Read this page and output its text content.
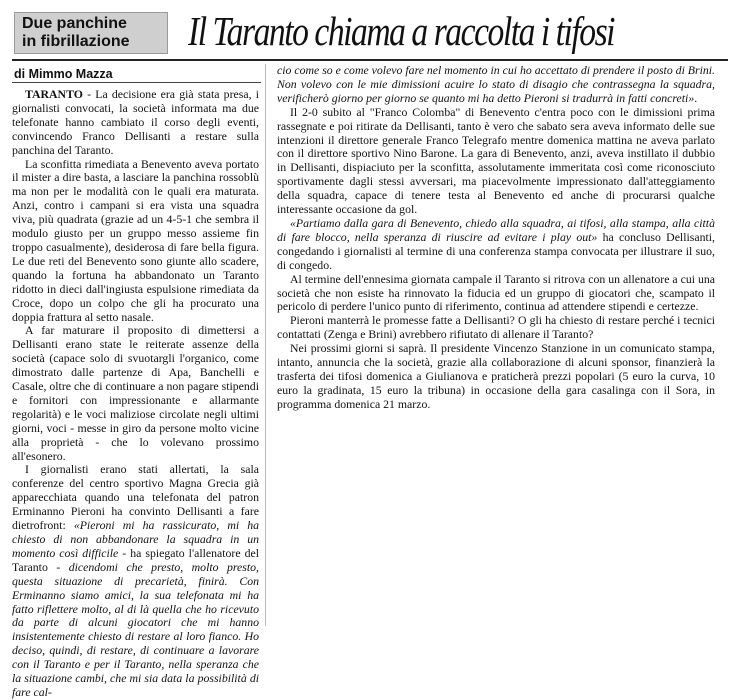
Due panchine
in fibrillazione	Il Taranto chiama a raccolta i tifosi
di Mimmo Mazza

TARANTO - La decisione era già stata presa, i giornalisti convocati, la società informata ma due telefonate hanno cambiato il corso degli eventi, convincendo Franco Dellisanti a restare sulla panchina del Taranto.

La sconfitta rimediata a Benevento aveva portato il mister a dire basta, a lasciare la panchina rossoblù ma non per le modalità con le quali era maturata. Anzi, contro i campani si era vista una squadra viva, più quadrata (grazie ad un 4-5-1 che sembra il modulo giusto per un gruppo messo assieme fin troppo casualmente), desiderosa di fare bella figura. Le due reti del Benevento sono giunte allo scadere, quando la fortuna ha abbandonato un Taranto ridotto in dieci dall'ingiusta espulsione rimediata da Croce, dopo un colpo che gli ha procurato una doppia frattura al setto nasale.

A far maturare il proposito di dimettersi a Dellisanti erano state le reiterate assenze della società (capace solo di svuotargli l'organico, come dimostrato dalle partenze di Apa, Banchelli e Casale, oltre che di continuare a non pagare stipendi e fornitori con impressionante e allarmante regolarità) e le voci maliziose circolate negli ultimi giorni, voci - messe in giro da persone molto vicine alla proprietà - che lo volevano prossimo all'esonero.

I giornalisti erano stati allertati, la sala conferenze del centro sportivo Magna Grecia già apparecchiata quando una telefonata del patron Erminanno Pieroni ha convinto Dellisanti a fare dietrofront: «Pieroni mi ha rassicurato, mi ha chiesto di non abbandonare la squadra in un momento così difficile - ha spiegato l'allenatore del Taranto - dicendomi che presto, molto presto, questa situazione di precarietà, finirà. Con Erminanno siamo amici, la sua telefonata mi ha fatto riflettere molto, al di là quella che ho ricevuto da parte di alcuni giocatori che mi hanno insistentemente chiesto di restare al loro fianco. Ho deciso, quindi, di restare, di continuare a lavorare con il Taranto e per il Taranto, nella speranza che la situazione cambi, che mi sia data la possibilità di fare cal-

cio come so e come volevo fare nel momento in cui ho accettato di prendere il posto di Brini. Non volevo con le mie dimissioni acuire lo stato di disagio che contrassegna la squadra, verificherò giorno per giorno se quanto mi ha detto Pieroni si tradurrà in fatti concreti».

Il 2-0 subito al "Franco Colomba" di Benevento c'entra poco con le dimissioni prima rassegnate e poi ritirate da Dellisanti, tanto è vero che sabato sera aveva informato delle sue intenzioni il direttore generale Franco Telegrafo mentre domenica mattina ne aveva parlato con il direttore sportivo Nino Barone. La gara di Benevento, anzi, aveva instillato il dubbio in Dellisanti, dispiaciuto per la sconfitta, assolutamente immeritata così come riconosciuto sportivamente dagli stessi avversari, ma piacevolmente impressionato dall'atteggiamento della squadra, capace di tenere testa al Benevento ed anche di procurarsi qualche interessante occasione da gol.

«Partiamo dalla gara di Benevento, chiedo alla squadra, ai tifosi, alla stampa, alla città di fare blocco, nella speranza di riuscire ad evitare i play out» ha concluso Dellisanti, congedando i giornalisti al termine di una conferenza stampa convocata per illustrare il suo, di congedo.

Al termine dell'ennesima giornata campale il Taranto si ritrova con un allenatore a cui una società che non esiste ha rinnovato la fiducia ed un gruppo di giocatori che, scampato il pericolo di perdere l'unico punto di riferimento, continua ad attendere stipendi e certezze.

Pieroni manterrà le promesse fatte a Dellisanti? O gli ha chiesto di restare perché i tecnici contattati (Zenga e Brini) avrebbero rifiutato di allenare il Taranto?

Nei prossimi giorni si saprà. Il presidente Vincenzo Stanzione in un comunicato stampa, intanto, annuncia che la società, grazie alla collaborazione di alcuni sponsor, finanzierà la trasferta dei tifosi domenica a Giulianova e praticherà prezzi popolari (5 euro la curva, 10 euro la gradinata, 15 euro la tribuna) in occasione della gara casalinga con il Sora, in programma domenica 21 marzo.
